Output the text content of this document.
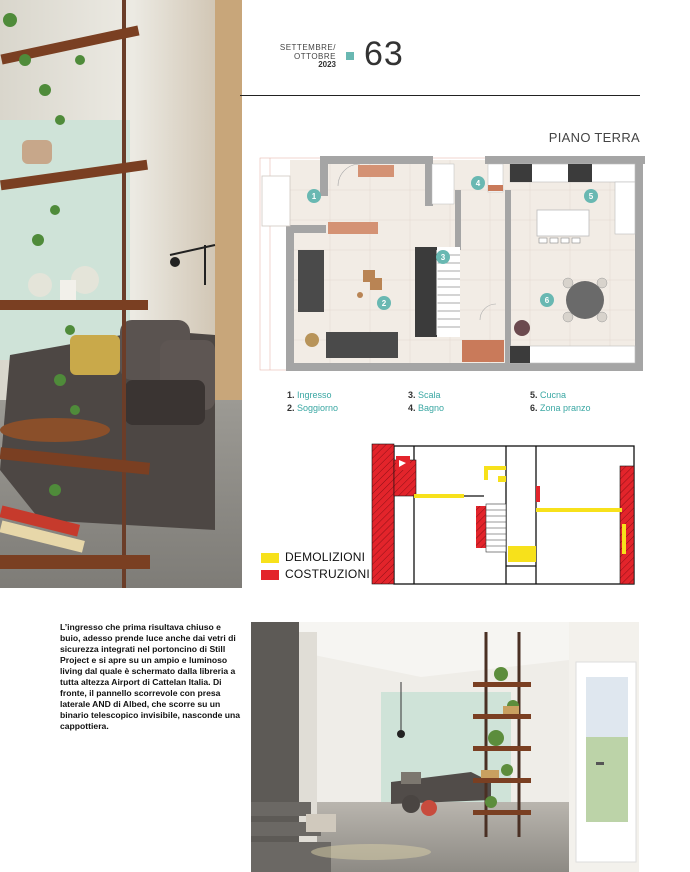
SETTEMBRE/ OTTOBRE
2023 63
PIANO TERRA
1
2
3
4
5
6
1. Ingresso
2. Soggiorno
3. Scala
4. Bagno
5. Cucna
6. Zona pranzo
DEMOLIZIONI
COSTRUZIONI
L’ingresso che prima risultava chiuso e buio, adesso prende luce anche dai vetri di sicurezza integrati nel portoncino di Still Project e si apre su un ampio e luminoso living dal quale è schermato dalla libreria a tutta altezza Airport di Cattelan Italia. Di fronte, il pannello scorrevole con presa laterale AND di Albed, che scorre su un binario telescopico invisibile, nasconde una cappottiera.
